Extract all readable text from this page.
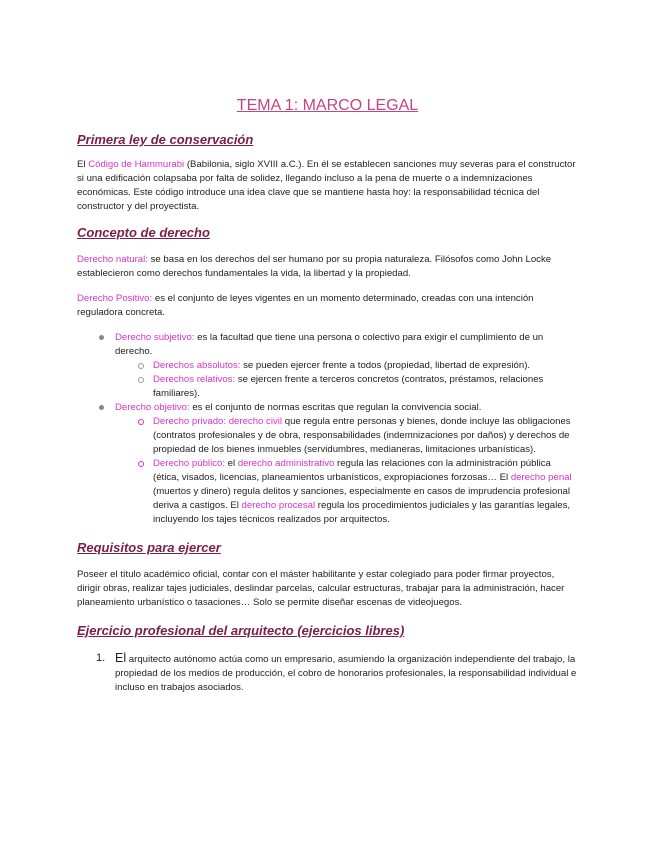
TEMA 1: MARCO LEGAL
Primera ley de conservación

El Código de Hammurabi (Babilonia, siglo XVIII a.C.). En él se establecen sanciones muy severas para el constructor si una edificación colapsaba por falta de solidez, llegando incluso a la pena de muerte o a indemnizaciones económicas. Este código introduce una idea clave que se mantiene hasta hoy: la responsabilidad técnica del constructor y del proyectista.

Concepto de derecho

Derecho natural: se basa en los derechos del ser humano por su propia naturaleza. Filósofos como John Locke establecieron como derechos fundamentales la vida, la libertad y la propiedad.

Derecho Positivo: es el conjunto de leyes vigentes en un momento determinado, creadas con una intención reguladora concreta.

Derecho subjetivo: es la facultad que tiene una persona o colectivo para exigir el cumplimiento de un derecho.
Derechos absolutos: se pueden ejercer frente a todos (propiedad, libertad de expresión).
Derechos relativos: se ejercen frente a terceros concretos (contratos, préstamos, relaciones familiares).
Derecho objetivo: es el conjunto de normas escritas que regulan la convivencia social.
Derecho privado: derecho civil que regula entre personas y bienes, donde incluye las obligaciones (contratos profesionales y de obra, responsabilidades (indemnizaciones por daños) y derechos de propiedad de los bienes inmuebles (servidumbres, medianeras, limitaciones urbanísticas).
Derecho público: el derecho administrativo regula las relaciones con la administración pública (ética, visados, licencias, planeamientos urbanísticos, expropiaciones forzosas… El derecho penal (muertos y dinero) regula delitos y sanciones, especialmente en casos de imprudencia profesional deriva a castigos. El derecho procesal regula los procedimientos judiciales y las garantías legales, incluyendo los tajes técnicos realizados por arquitectos.
Requisitos para ejercer

Poseer el título académico oficial, contar con el máster habilitante y estar colegiado para poder firmar proyectos, dirigir obras, realizar tajes judiciales, deslindar parcelas, calcular estructuras, trabajar para la administración, hacer planeamiento urbanístico o tasaciones… Solo se permite diseñar escenas de videojuegos.

Ejercicio profesional del arquitecto (ejercicios libres)
1. El arquitecto autónomo actúa como un empresario, asumiendo la organización independiente del trabajo, la propiedad de los medios de producción, el cobro de honorarios profesionales, la responsabilidad individual e incluso en trabajos asociados.
